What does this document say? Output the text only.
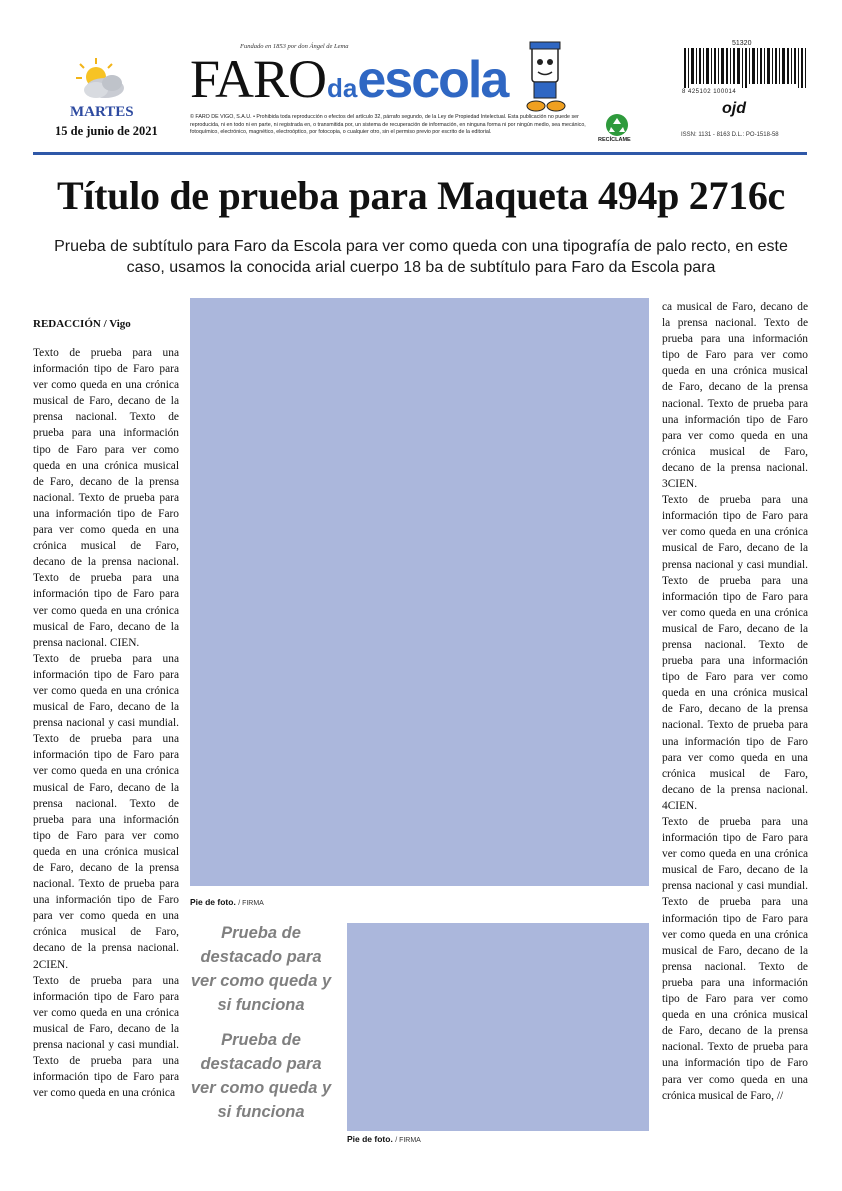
MARTES
15 de junio de 2021
Fundado en 1853 por don Ángel de Lema
FAROdaescola
© FARO DE VIGO, S.A.U. • Prohibida toda reproducción o efectos del artículo 32, párrafo segundo, de la Ley de Propiedad Intelectual. Esta publicación no puede ser reproducida, ni en todo ni en parte, ni registrada en, o transmitida por, un sistema de recuperación de información, en ninguna forma ni por ningún medio, sea mecánico, fotoquímico, electrónico, magnético, electroóptico, por fotocopia, o cualquier otro, sin el permiso previo por escrito de la editorial.
RECÍCLAME
51320
8 425102 100014
ojd
ISSN: 1131 - 8163 D.L.: PO-1518-58
Título de prueba para Maqueta 494p 2716c
Prueba de subtítulo para Faro da Escola para ver como queda con una tipografía de palo recto, en este caso, usamos la conocida arial cuerpo 18 ba de subtítulo para Faro da Escola para
REDACCIÓN / Vigo

Texto de prueba para una información tipo de Faro para ver como queda en una crónica musical de Faro, decano de la prensa nacional. Texto de prueba para una información tipo de Faro para ver como queda en una crónica musical de Faro, decano de la prensa nacional. Texto de prueba para una información tipo de Faro para ver como queda en una crónica musical de Faro, decano de la prensa nacional. Texto de prueba para una información tipo de Faro para ver como queda en una crónica musical de Faro, decano de la prensa nacional. CIEN.

Texto de prueba para una información tipo de Faro para ver como queda en una crónica musical de Faro, decano de la prensa nacional y casi mundial. Texto de prueba para una información tipo de Faro para ver como queda en una crónica musical de Faro, decano de la prensa nacional. Texto de prueba para una información tipo de Faro para ver como queda en una crónica musical de Faro, decano de la prensa nacional. Texto de prueba para una información tipo de Faro para ver como queda en una crónica musical de Faro, decano de la prensa nacional. 2CIEN.

Texto de prueba para una información tipo de Faro para ver como queda en una crónica musical de Faro, decano de la prensa nacional y casi mundial. Texto de prueba para una información tipo de Faro para ver como queda en una crónica

Pie de foto. / FIRMA
Pie de foto. / FIRMA
Prueba de destacado para ver como queda y si funciona
Prueba de destacado para ver como queda y si funciona

ca musical de Faro, decano de la prensa nacional. Texto de prueba para una información tipo de Faro para ver como queda en una crónica musical de Faro, decano de la prensa nacional. Texto de prueba para una información tipo de Faro para ver como queda en una crónica musical de Faro, decano de la prensa nacional. 3CIEN.

Texto de prueba para una información tipo de Faro para ver como queda en una crónica musical de Faro, decano de la prensa nacional y casi mundial. Texto de prueba para una información tipo de Faro para ver como queda en una crónica musical de Faro, decano de la prensa nacional. Texto de prueba para una información tipo de Faro para ver como queda en una crónica musical de Faro, decano de la prensa nacional. Texto de prueba para una información tipo de Faro para ver como queda en una crónica musical de Faro, decano de la prensa nacional. 4CIEN.

Texto de prueba para una información tipo de Faro para ver como queda en una crónica musical de Faro, decano de la prensa nacional y casi mundial. Texto de prueba para una información tipo de Faro para ver como queda en una crónica musical de Faro, decano de la prensa nacional. Texto de prueba para una información tipo de Faro para ver como queda en una crónica musical de Faro, decano de la prensa nacional. Texto de prueba para una información tipo de Faro para ver como queda en una crónica musical de Faro, //
